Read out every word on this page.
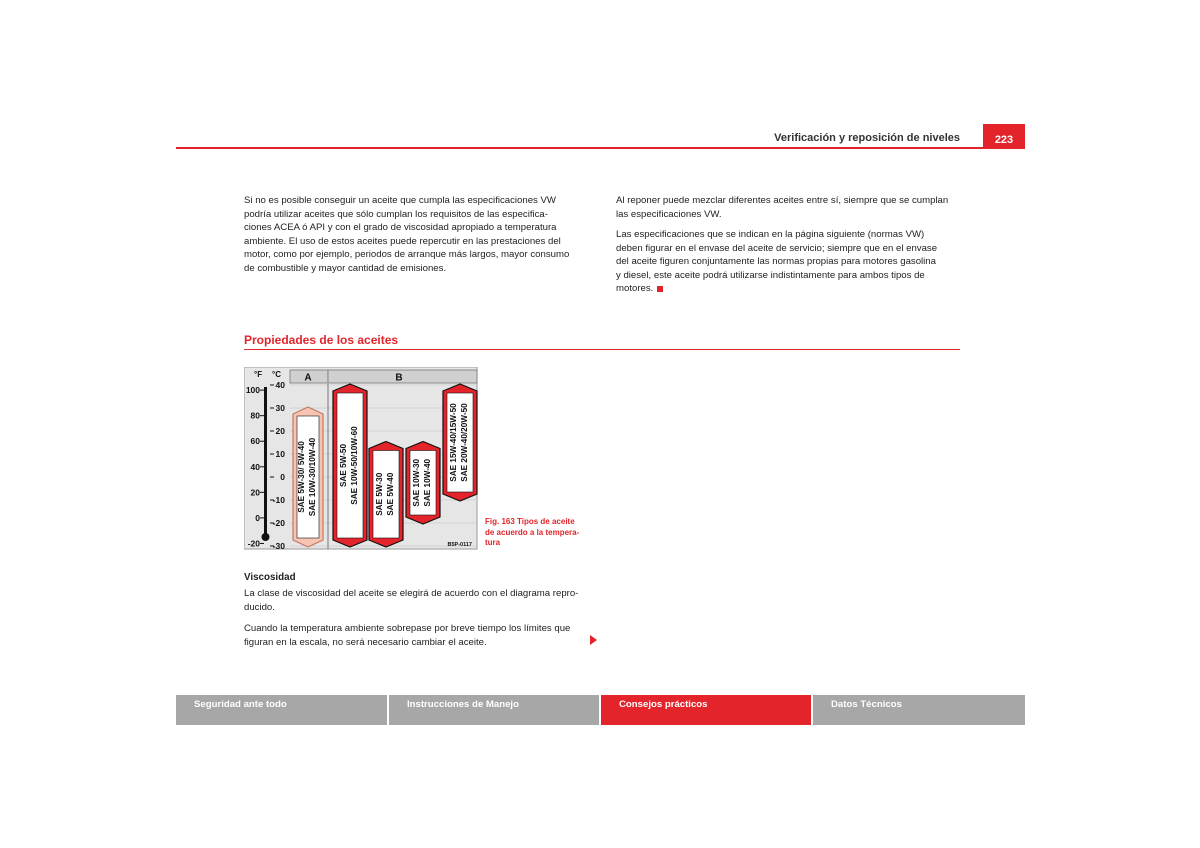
Verificación y reposición de niveles	223
Si no es posible conseguir un aceite que cumpla las especificaciones VW
podría utilizar aceites que sólo cumplan los requisitos de las especifica-
ciones ACEA ó API y con el grado de viscosidad apropiado a temperatura
ambiente. El uso de estos aceites puede repercutir en las prestaciones del
motor, como por ejemplo, periodos de arranque más largos, mayor consumo
de combustible y mayor cantidad de emisiones.
Al reponer puede mezclar diferentes aceites entre sí, siempre que se cumplan
las especificaciones VW.
Las especificaciones que se indican en la página siguiente (normas VW)
deben figurar en el envase del aceite de servicio; siempre que en el envase
del aceite figuren conjuntamente las normas propias para motores gasolina
y diesel, este aceite podrá utilizarse indistintamente para ambos tipos de
motores.
Propiedades de los aceites
A	B
°F °C
100
80
60
40
20
0
-20
40
30
20
10
0
-10
-20
-30
SAE 5W-30/ 5W-40 SAE 10W-30/10W-40	SAE 5W-50 SAE 10W-50/10W-60 SAE 5W-30 SAE 5W-40 SAE 10W-30 SAE 10W-40
SAE 15W-40/15W-50 SAE 20W-40/20W-50
B5P-0117
Fig. 163 Tipos de aceite
de acuerdo a la tempera-
tura
Viscosidad
La clase de viscosidad del aceite se elegirá de acuerdo con el diagrama repro-
ducido.
Cuando la temperatura ambiente sobrepase por breve tiempo los límites que
figuran en la escala, no será necesario cambiar el aceite.
Seguridad ante todo	Instrucciones de Manejo	Consejos prácticos	Datos Técnicos
